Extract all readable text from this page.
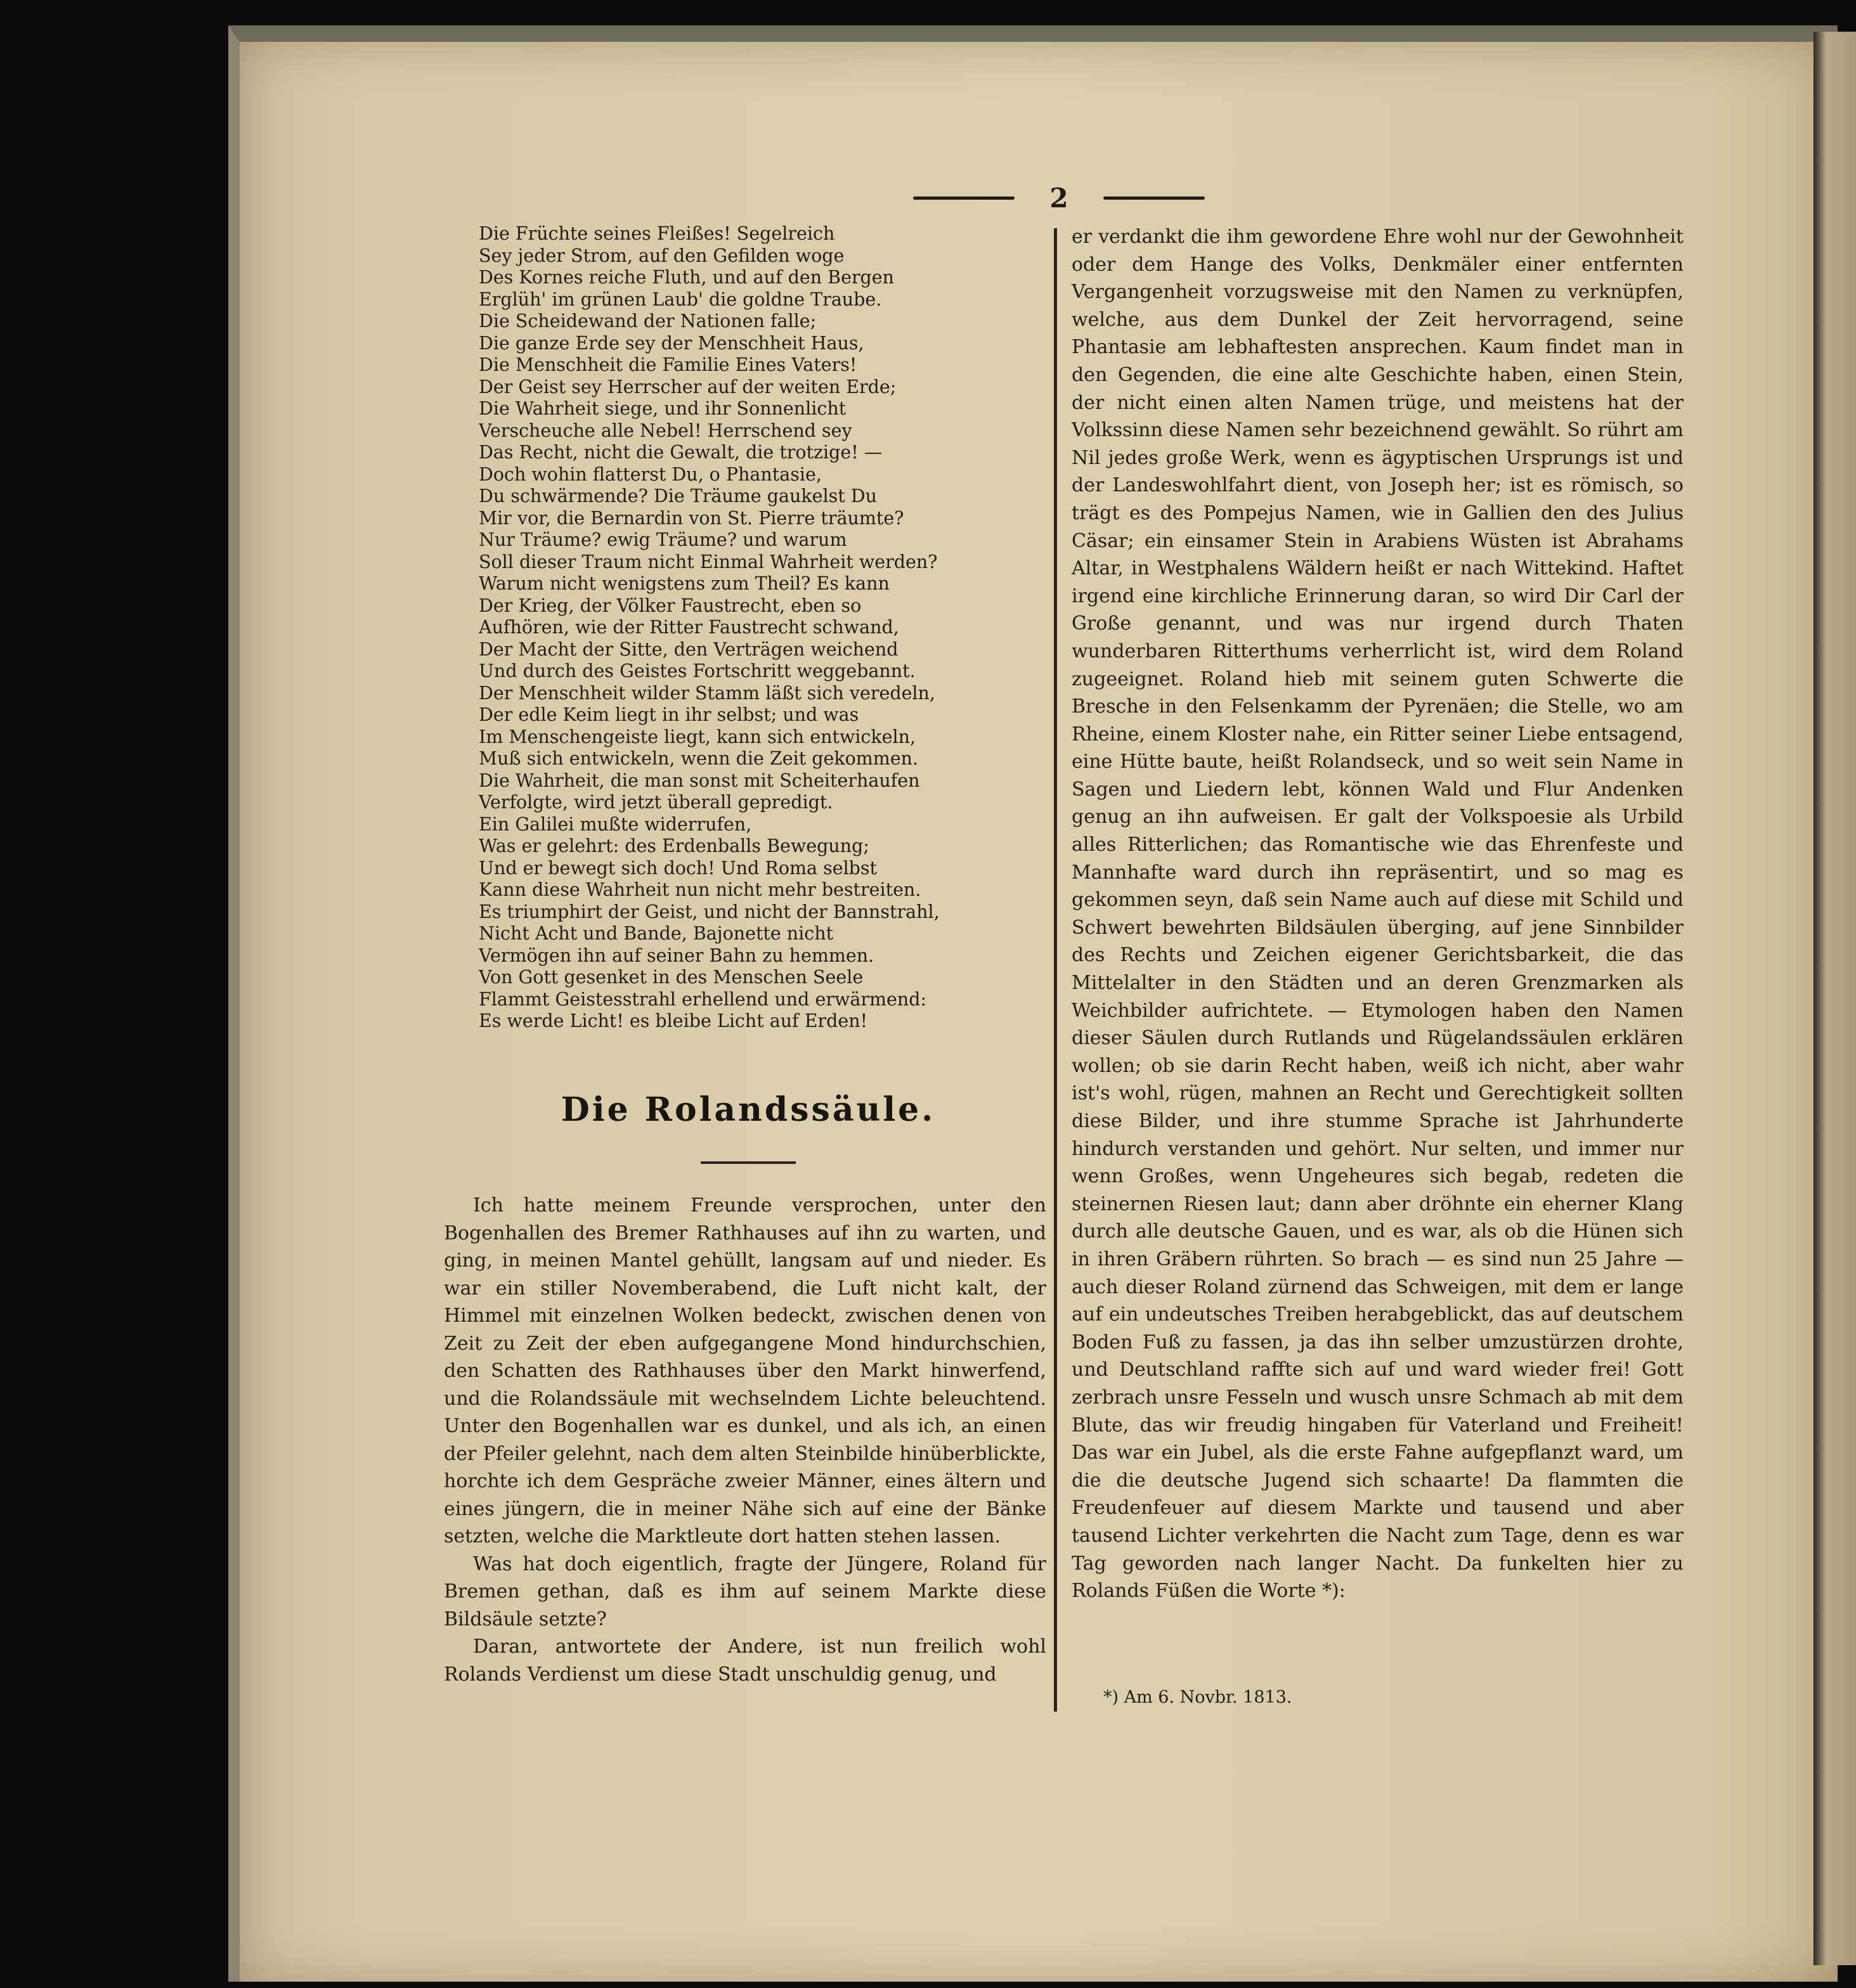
2
Die Früchte seines Fleißes! Segelreich
Sey jeder Strom, auf den Gefilden woge
Des Kornes reiche Fluth, und auf den Bergen
Erglüh' im grünen Laub' die goldne Traube.
Die Scheidewand der Nationen falle;
Die ganze Erde sey der Menschheit Haus,
Die Menschheit die Familie Eines Vaters!
Der Geist sey Herrscher auf der weiten Erde;
Die Wahrheit siege, und ihr Sonnenlicht
Verscheuche alle Nebel! Herrschend sey
Das Recht, nicht die Gewalt, die trotzige! —
Doch wohin flatterst Du, o Phantasie,
Du schwärmende? Die Träume gaukelst Du
Mir vor, die Bernardin von St. Pierre träumte?
Nur Träume? ewig Träume? und warum
Soll dieser Traum nicht Einmal Wahrheit werden?
Warum nicht wenigstens zum Theil? Es kann
Der Krieg, der Völker Faustrecht, eben so
Aufhören, wie der Ritter Faustrecht schwand,
Der Macht der Sitte, den Verträgen weichend
Und durch des Geistes Fortschritt weggebannt.
Der Menschheit wilder Stamm läßt sich veredeln,
Der edle Keim liegt in ihr selbst; und was
Im Menschengeiste liegt, kann sich entwickeln,
Muß sich entwickeln, wenn die Zeit gekommen.
Die Wahrheit, die man sonst mit Scheiterhaufen
Verfolgte, wird jetzt überall gepredigt.
Ein Galilei mußte widerrufen,
Was er gelehrt: des Erdenballs Bewegung;
Und er bewegt sich doch! Und Roma selbst
Kann diese Wahrheit nun nicht mehr bestreiten.
Es triumphirt der Geist, und nicht der Bannstrahl,
Nicht Acht und Bande, Bajonette nicht
Vermögen ihn auf seiner Bahn zu hemmen.
Von Gott gesenket in des Menschen Seele
Flammt Geistesstrahl erhellend und erwärmend:
Es werde Licht! es bleibe Licht auf Erden!
Die Rolandssäule.

Ich hatte meinem Freunde versprochen, unter den Bogenhallen des Bremer Rathhauses auf ihn zu warten, und ging, in meinen Mantel gehüllt, langsam auf und nieder. Es war ein stiller Novemberabend, die Luft nicht kalt, der Himmel mit einzelnen Wolken bedeckt, zwischen denen von Zeit zu Zeit der eben aufgegangene Mond hindurchschien, den Schatten des Rathhauses über den Markt hinwerfend, und die Rolandssäule mit wechselndem Lichte beleuchtend. Unter den Bogenhallen war es dunkel, und als ich, an einen der Pfeiler gelehnt, nach dem alten Steinbilde hinüberblickte, horchte ich dem Gespräche zweier Männer, eines ältern und eines jüngern, die in meiner Nähe sich auf eine der Bänke setzten, welche die Marktleute dort hatten stehen lassen.

Was hat doch eigentlich, fragte der Jüngere, Roland für Bremen gethan, daß es ihm auf seinem Markte diese Bildsäule setzte?

Daran, antwortete der Andere, ist nun freilich wohl Rolands Verdienst um diese Stadt unschuldig genug, und

er verdankt die ihm gewordene Ehre wohl nur der Gewohnheit oder dem Hange des Volks, Denkmäler einer entfernten Vergangenheit vorzugsweise mit den Namen zu verknüpfen, welche, aus dem Dunkel der Zeit hervorragend, seine Phantasie am lebhaftesten ansprechen. Kaum findet man in den Gegenden, die eine alte Geschichte haben, einen Stein, der nicht einen alten Namen trüge, und meistens hat der Volkssinn diese Namen sehr bezeichnend gewählt. So rührt am Nil jedes große Werk, wenn es ägyptischen Ursprungs ist und der Landeswohlfahrt dient, von Joseph her; ist es römisch, so trägt es des Pompejus Namen, wie in Gallien den des Julius Cäsar; ein einsamer Stein in Arabiens Wüsten ist Abrahams Altar, in Westphalens Wäldern heißt er nach Wittekind. Haftet irgend eine kirchliche Erinnerung daran, so wird Dir Carl der Große genannt, und was nur irgend durch Thaten wunderbaren Ritterthums verherrlicht ist, wird dem Roland zugeeignet. Roland hieb mit seinem guten Schwerte die Bresche in den Felsenkamm der Pyrenäen; die Stelle, wo am Rheine, einem Kloster nahe, ein Ritter seiner Liebe entsagend, eine Hütte baute, heißt Rolandseck, und so weit sein Name in Sagen und Liedern lebt, können Wald und Flur Andenken genug an ihn aufweisen. Er galt der Volkspoesie als Urbild alles Ritterlichen; das Romantische wie das Ehrenfeste und Mannhafte ward durch ihn repräsentirt, und so mag es gekommen seyn, daß sein Name auch auf diese mit Schild und Schwert bewehrten Bildsäulen überging, auf jene Sinnbilder des Rechts und Zeichen eigener Gerichtsbarkeit, die das Mittelalter in den Städten und an deren Grenzmarken als Weichbilder aufrichtete. — Etymologen haben den Namen dieser Säulen durch Rutlands und Rügelandssäulen erklären wollen; ob sie darin Recht haben, weiß ich nicht, aber wahr ist's wohl, rügen, mahnen an Recht und Gerechtigkeit sollten diese Bilder, und ihre stumme Sprache ist Jahrhunderte hindurch verstanden und gehört. Nur selten, und immer nur wenn Großes, wenn Ungeheures sich begab, redeten die steinernen Riesen laut; dann aber dröhnte ein eherner Klang durch alle deutsche Gauen, und es war, als ob die Hünen sich in ihren Gräbern rührten. So brach — es sind nun 25 Jahre — auch dieser Roland zürnend das Schweigen, mit dem er lange auf ein undeutsches Treiben herabgeblickt, das auf deutschem Boden Fuß zu fassen, ja das ihn selber umzustürzen drohte, und Deutschland raffte sich auf und ward wieder frei! Gott zerbrach unsre Fesseln und wusch unsre Schmach ab mit dem Blute, das wir freudig hingaben für Vaterland und Freiheit! Das war ein Jubel, als die erste Fahne aufgepflanzt ward, um die die deutsche Jugend sich schaarte! Da flammten die Freudenfeuer auf diesem Markte und tausend und aber tausend Lichter verkehrten die Nacht zum Tage, denn es war Tag geworden nach langer Nacht. Da funkelten hier zu Rolands Füßen die Worte *):

*) Am 6. Novbr. 1813.
